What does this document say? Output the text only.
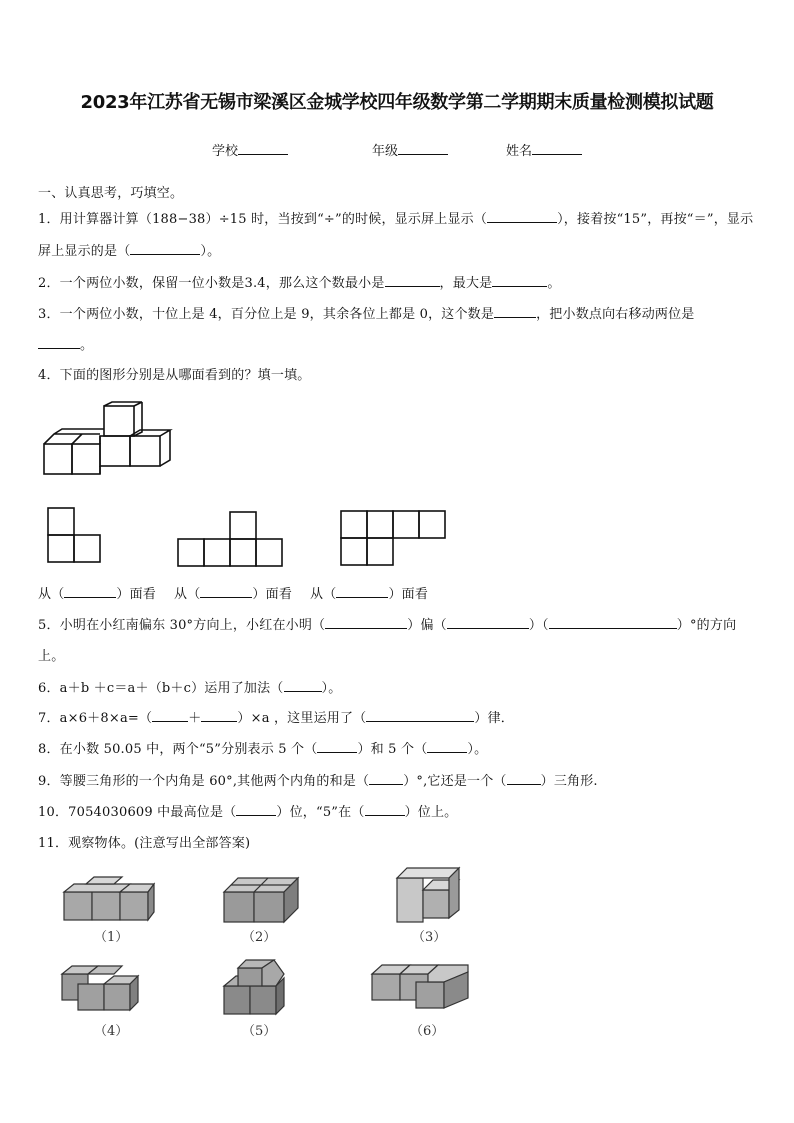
2023年江苏省无锡市梁溪区金城学校四年级数学第二学期期末质量检测模拟试题
学校	年级	姓名
一、认真思考，巧填空。
1．用计算器计算（188−38）÷15 时，当按到“÷”的时候，显示屏上显示（	），接着按“15”，再按“＝”，显示
屏上显示的是（	）。
2．一个两位小数，保留一位小数是3.4，那么这个数最小是	，最大是	。
3．一个两位小数，十位上是 4，百分位上是 9，其余各位上都是 0，这个数是	，把小数点向右移动两位是
。
4．下面的图形分别是从哪面看到的？填一填。
从（	）面看 从（	）面看 从（	）面看
5．小明在小红南偏东 30°方向上，小红在小明（	）偏（	）（	）°的方向
上。
6．a＋b ＋c＝a＋（b＋c）运用了加法（	）。
7．a×6＋8×a=（	＋	）×a ，这里运用了（	）律．
8．在小数 50.05 中，两个“5”分别表示 5 个（	）和 5 个（	）。
9．等腰三角形的一个内角是 60°,其他两个内角的和是（	）°,它还是一个（	）三角形.
10．7054030609 中最高位是（	）位，“5”在（	）位上。
11．观察物体。(注意写出全部答案)
（1）	（2）	（3）
（4）	（5）	（6）
